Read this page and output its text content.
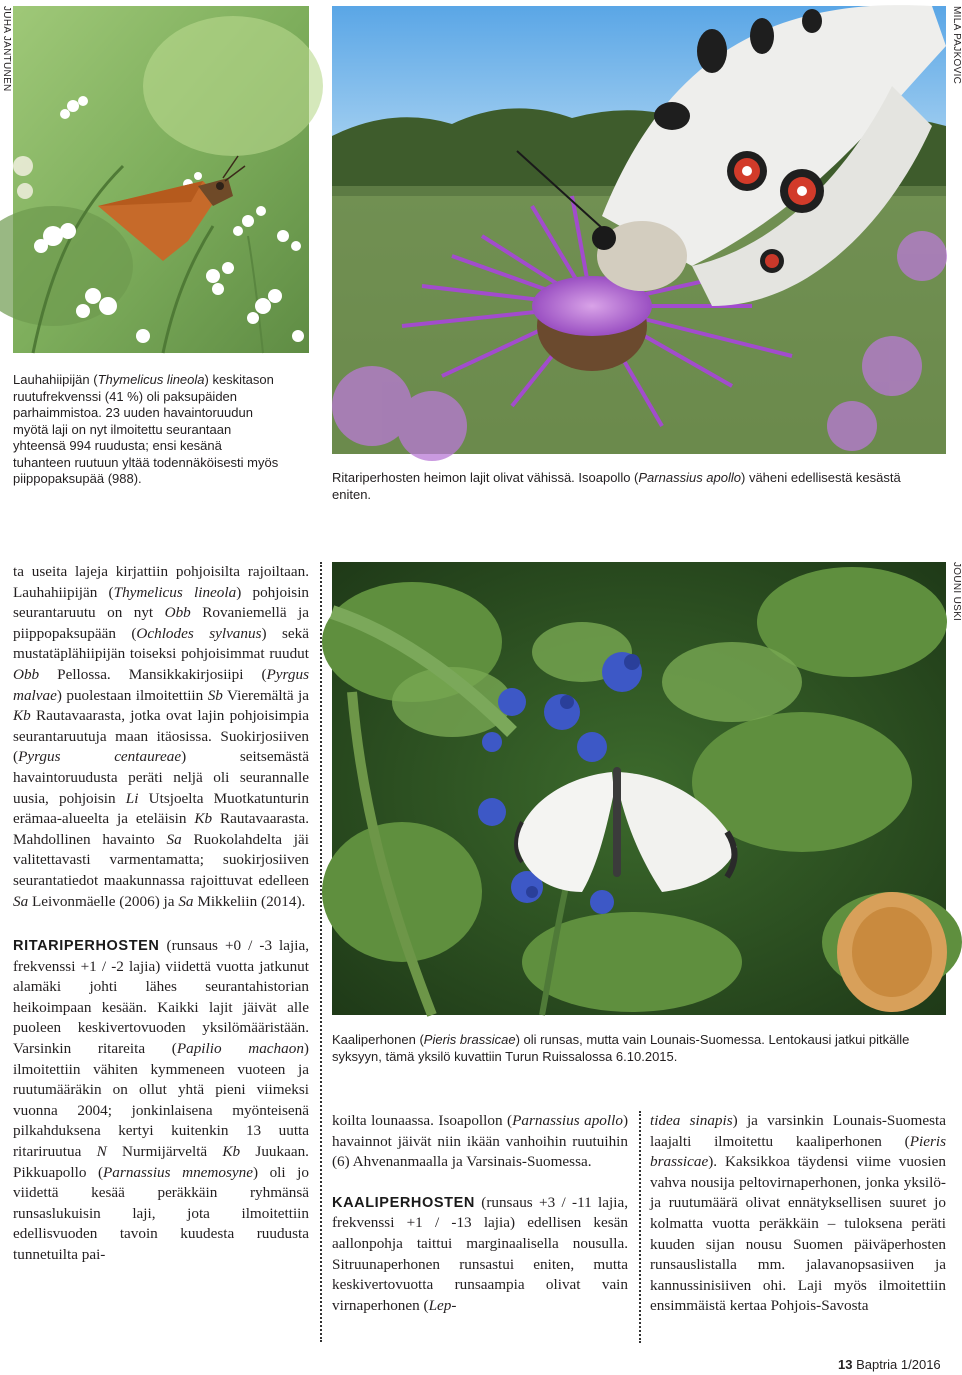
JUHA JANTUNEN	MILA PAJKOVIC
Lauhahiipijän (Thymelicus lineola) keskitason ruutufrekvenssi (41 %) oli paksupäiden parhaimmistoa. 23 uuden havaintoruudun myötä laji on nyt ilmoitettu seurantaan yhteensä 994 ruudusta; ensi kesänä tuhanteen ruutuun yltää todennäköisesti myös piippopaksupää (988).	Ritariperhosten heimon lajit olivat vähissä. Isoapollo (Parnassius apollo) väheni edellisestä kesästä eniten.

ta useita lajeja kirjattiin pohjoisilta rajoiltaan. Lauhahiipijän (Thymelicus lineola) pohjoisin seurantaruutu on nyt Obb Rovaniemellä ja piippopaksupään (Ochlodes sylvanus) sekä mustatäplähiipijän toiseksi pohjoisimmat ruudut Obb Pellossa. Mansikkakirjosiipi (Pyrgus malvae) puolestaan ilmoitettiin Sb Vieremältä ja Kb Rautavaarasta, jotka ovat lajin pohjoisimpia seurantaruutuja maan itäosissa. Suokirjosiiven (Pyrgus centaureae) seitsemästä havaintoruudusta peräti neljä oli seurannalle uusia, pohjoisin Li Utsjoelta Muotkatunturin erämaa-alueelta ja eteläisin Kb Rautavaarasta. Mahdollinen havainto Sa Ruokolahdelta jäi valitettavasti varmentamatta; suokirjosiiven seurantatiedot maakunnassa rajoittuvat edelleen Sa Leivonmäelle (2006) ja Sa Mikkeliin (2014).

RITARIPERHOSTEN (runsaus +0 / -3 lajia, frekvenssi +1 / -2 lajia) viidettä vuotta jatkunut alamäki johti lähes seurantahistorian heikoimpaan kesään. Kaikki lajit jäivät alle puoleen keskivertovuoden yksilömääristään. Varsinkin ritareita (Papilio machaon) ilmoitettiin vähiten kymmeneen vuoteen ja ruutumääräkin on ollut yhtä pieni viimeksi vuonna 2004; jonkinlaisena myönteisenä pilkahduksena kertyi kuitenkin 13 uutta ritariruutua N Nurmijärveltä Kb Juukaan. Pikkuapollo (Parnassius mnemosyne) oli jo viidettä kesää peräkkäin ryhmänsä runsaslukuisin laji, jota ilmoitettiin edellisvuoden tavoin kuudesta ruudusta tunnetuilta pai-

JOUNI USKI
Kaaliperhonen (Pieris brassicae) oli runsas, mutta vain Lounais-Suomessa. Lentokausi jatkui pitkälle syksyyn, tämä yksilö kuvattiin Turun Ruissalossa 6.10.2015.

koilta lounaassa. Isoapollon (Parnassius apollo) havainnot jäivät niin ikään vanhoihin ruutuihin (6) Ahvenanmaalla ja Varsinais-Suomessa.

KAALIPERHOSTEN (runsaus +3 / -11 lajia, frekvenssi +1 / -13 lajia) edellisen kesän aallonpohja taittui marginaalisella nousulla. Sitruunaperhonen runsastui eniten, mutta keskivertovuotta runsaampia olivat vain virnaperhonen (Lep-

tidea sinapis) ja varsinkin Lounais-Suomesta laajalti ilmoitettu kaaliperhonen (Pieris brassicae). Kaksikkoa täydensi viime vuosien vahva nousija peltovirnaperhonen, jonka yksilö- ja ruutumäärä olivat ennätyksellisen suuret jo kolmatta vuotta peräkkäin – tuloksena peräti kuuden sijan nousu Suomen päiväperhosten runsauslistalla mm. jalavanopsasiiven ja kannussinisiiven ohi. Laji myös ilmoitettiin ensimmäistä kertaa Pohjois-Savosta

13 Baptria 1/2016
